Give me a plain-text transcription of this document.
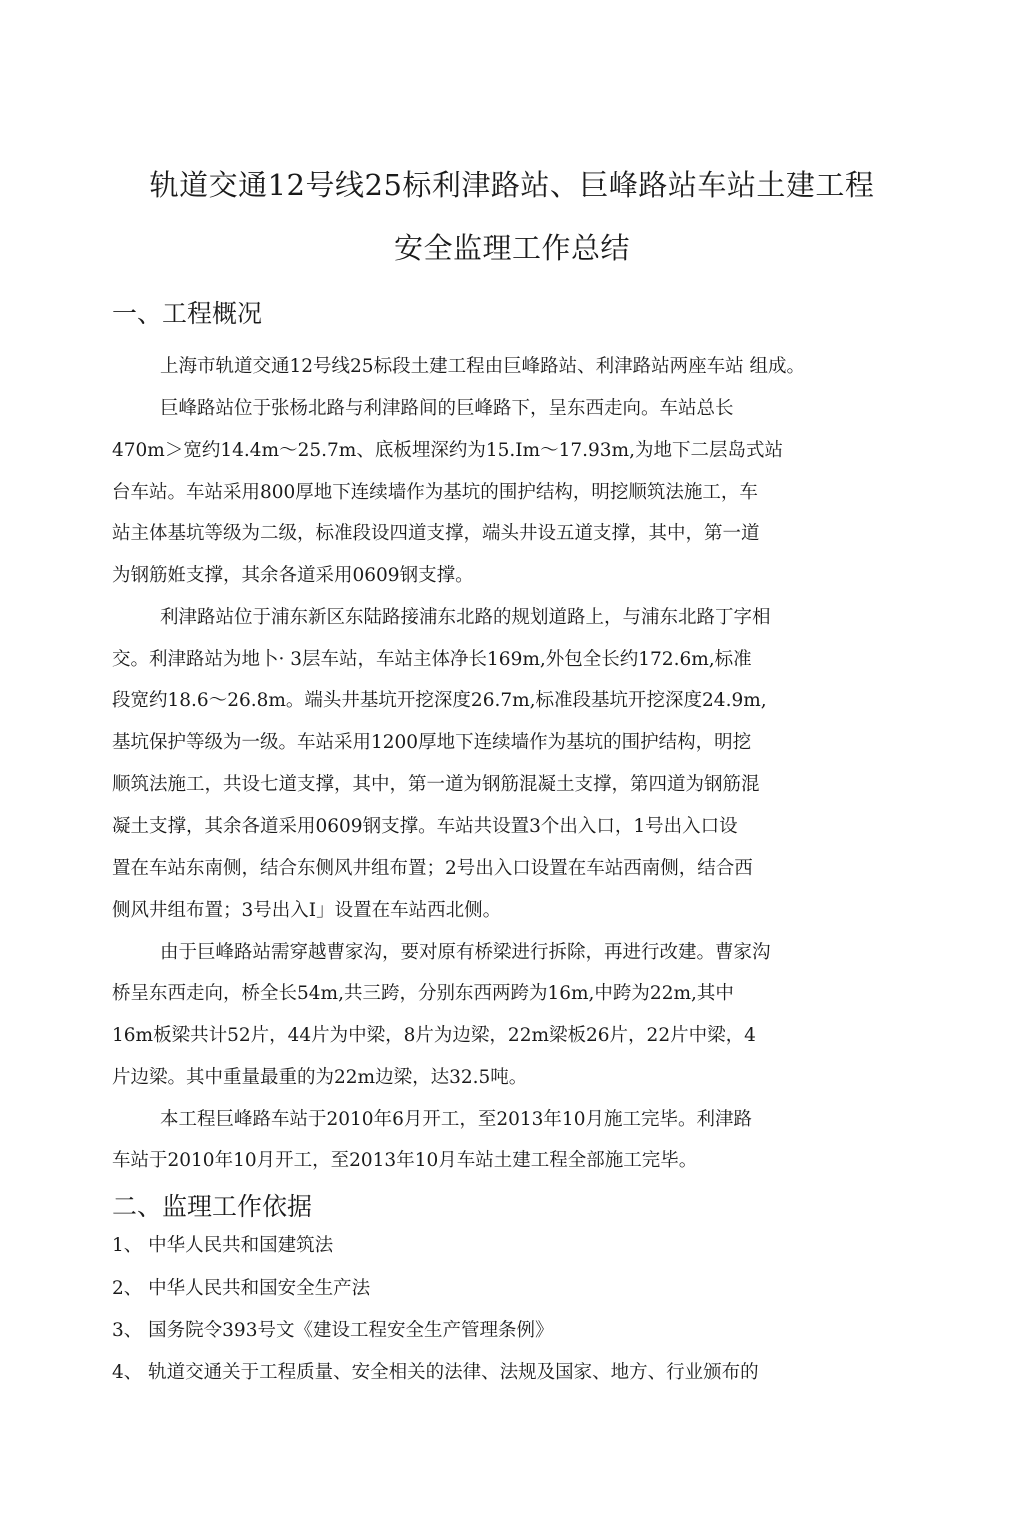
轨道交通12号线25标利津路站、巨峰路站车站土建工程
安全监理工作总结
一、工程概况
上海市轨道交通12号线25标段土建工程由巨峰路站、利津路站两座车站 组成。
巨峰路站位于张杨北路与利津路间的巨峰路下，呈东西走向。车站总长
470m＞宽约14.4m～25.7m、底板埋深约为15.Im～17.93m,为地下二层岛式站
台车站。车站采用800厚地下连续墙作为基坑的围护结构，明挖顺筑法施工，车
站主体基坑等级为二级，标准段设四道支撑，端头井设五道支撑，其中，第一道
为钢筋姙支撑，其余各道采用0609钢支撑。
利津路站位于浦东新区东陆路接浦东北路的规划道路上，与浦东北路丁字相
交。利津路站为地卜· 3层车站，车站主体净长169m,外包全长约172.6m,标准
段宽约18.6～26.8m。端头井基坑开挖深度26.7m,标准段基坑开挖深度24.9m,
基坑保护等级为一级。车站采用1200厚地下连续墙作为基坑的围护结构，明挖
顺筑法施工，共设七道支撑，其中，第一道为钢筋混凝土支撑，第四道为钢筋混
凝土支撑，其余各道采用0609钢支撑。车站共设置3个出入口，1号出入口设
置在车站东南侧，结合东侧风井组布置；2号出入口设置在车站西南侧，结合西
侧风井组布置；3号出入I」设置在车站西北侧。
由于巨峰路站需穿越曹家沟，要对原有桥梁进行拆除，再进行改建。曹家沟
桥呈东西走向，桥全长54m,共三跨，分别东西两跨为16m,中跨为22m,其中
16m板梁共计52片，44片为中梁，8片为边梁，22m梁板26片，22片中梁，4
片边梁。其中重量最重的为22m边梁，达32.5吨。
本工程巨峰路车站于2010年6月开工，至2013年10月施工完毕。利津路
车站于2010年10月开工，至2013年10月车站土建工程全部施工完毕。
二、监理工作依据
1、 中华人民共和国建筑法
2、 中华人民共和国安全生产法
3、 国务院令393号文《建设工程安全生产管理条例》
4、 轨道交通关于工程质量、安全相关的法律、法规及国家、地方、行业颁布的
